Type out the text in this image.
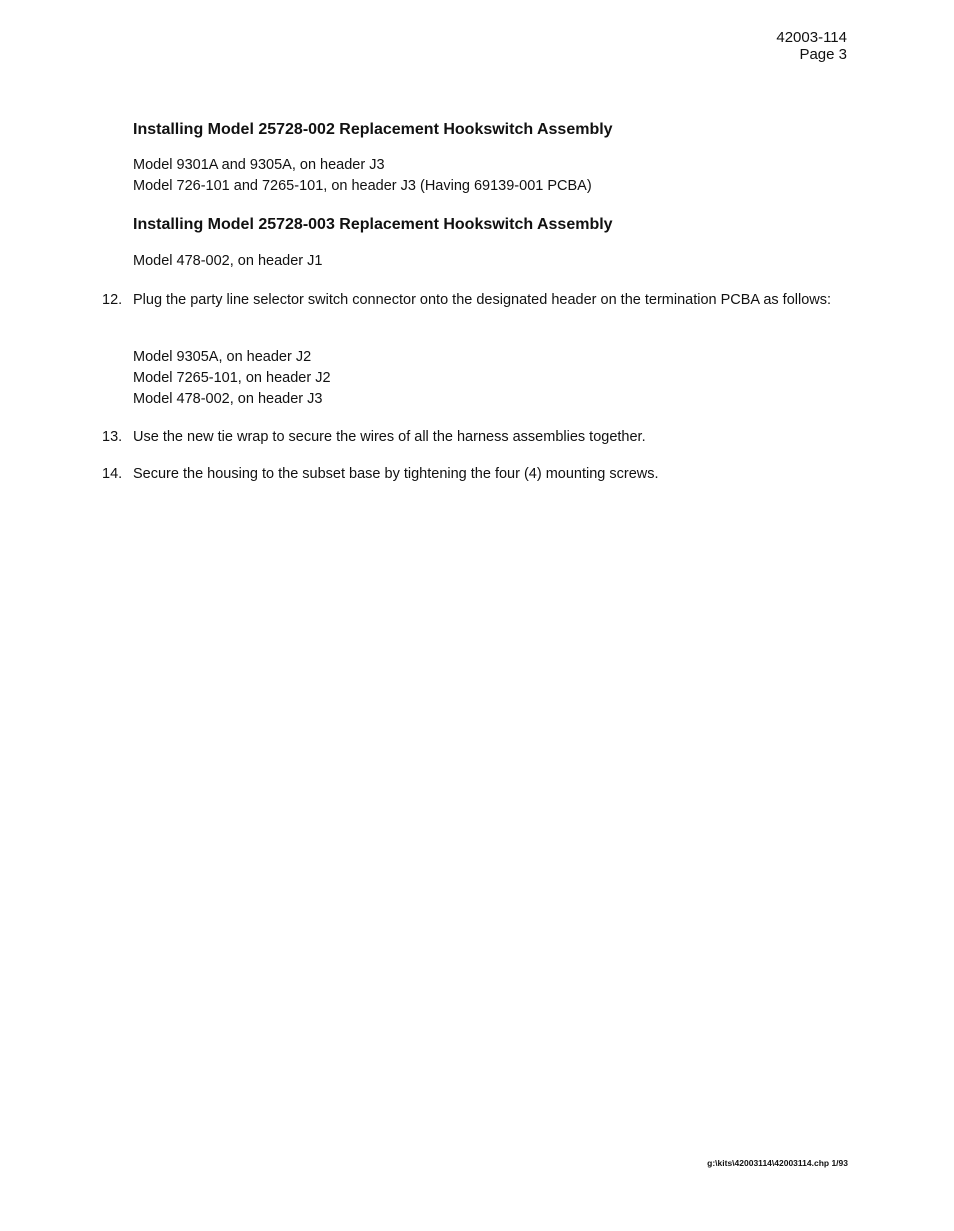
42003-114
Page 3
Installing Model 25728-002 Replacement Hookswitch Assembly
Model 9301A and 9305A, on header J3
Model 726-101 and 7265-101, on header J3 (Having 69139-001 PCBA)
Installing Model 25728-003 Replacement Hookswitch Assembly
Model 478-002, on header J1
12. Plug the party line selector switch connector onto the designated header on the termination PCBA as follows:
Model 9305A, on header J2
Model 7265-101, on header J2
Model 478-002, on header J3
13. Use the new tie wrap to secure the wires of all the harness assemblies together.
14. Secure the housing to the subset base by tightening the four (4) mounting screws.
g:\kits\42003114\42003114.chp 1/93
